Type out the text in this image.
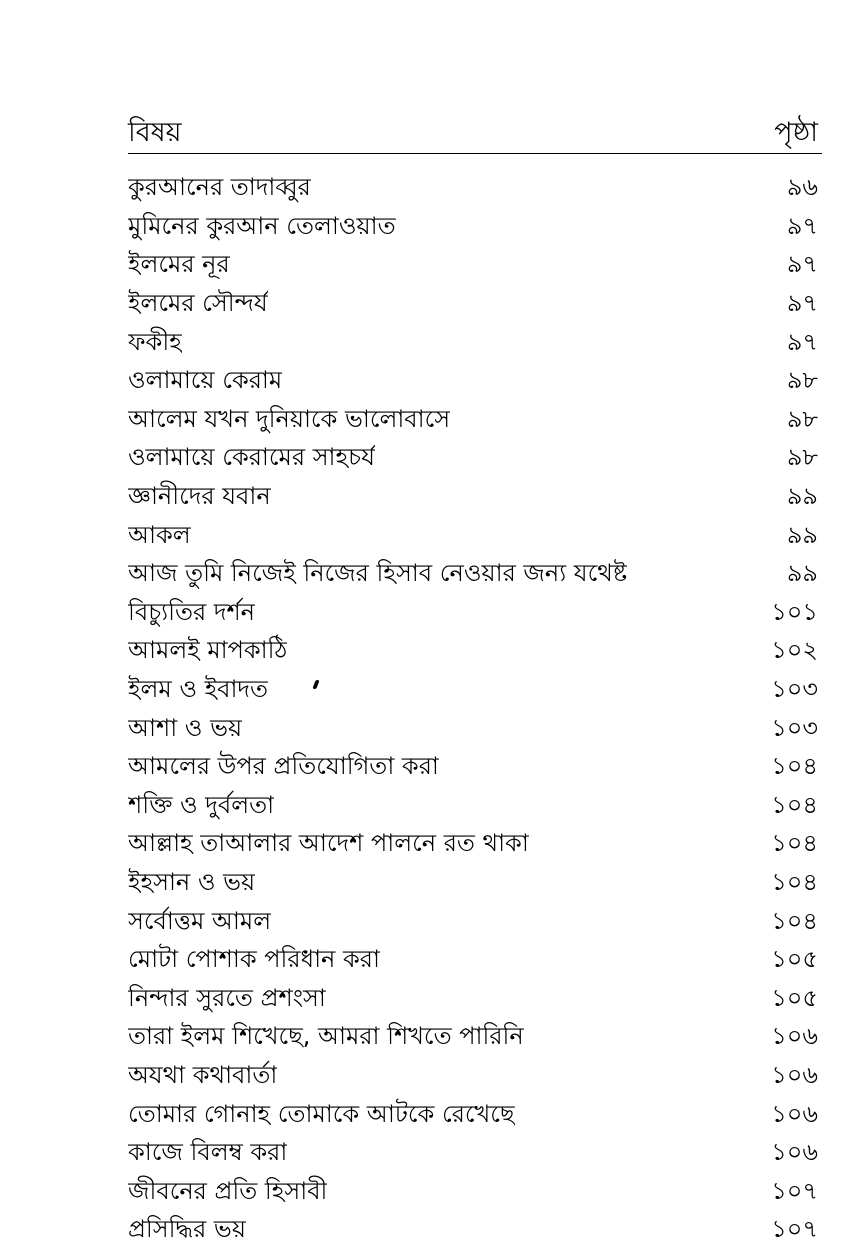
বিষয়	পৃষ্ঠা
কুরআনের তাদাব্বুর	৯৬
মুমিনের কুরআন তেলাওয়াত	৯৭
ইলমের নূর	৯৭
ইলমের সৌন্দর্য	৯৭
ফকীহ	৯৭
ওলামায়ে কেরাম	৯৮
আলেম যখন দুনিয়াকে ভালোবাসে	৯৮
ওলামায়ে কেরামের সাহচর্য	৯৮
জ্ঞানীদের যবান	৯৯
আকল	৯৯
আজ তুমি নিজেই নিজের হিসাব নেওয়ার জন্য যথেষ্ট	৯৯
বিচ্যুতির দর্শন	১০১
আমলই মাপকাঠি	১০২
ইলম ও ইবাদত	১০৩
আশা ও ভয়	১০৩
আমলের উপর প্রতিযোগিতা করা	১০৪
শক্তি ও দুর্বলতা	১০৪
আল্লাহ তাআলার আদেশ পালনে রত থাকা	১০৪
ইহসান ও ভয়	১০৪
সর্বোত্তম আমল	১০৪
মোটা পোশাক পরিধান করা	১০৫
নিন্দার সুরতে প্রশংসা	১০৫
তারা ইলম শিখেছে, আমরা শিখতে পারিনি	১০৬
অযথা কথাবার্তা	১০৬
তোমার গোনাহ তোমাকে আটকে রেখেছে	১০৬
কাজে বিলম্ব করা	১০৬
জীবনের প্রতি হিসাবী	১০৭
প্রসিদ্ধির ভয়	১০৭
